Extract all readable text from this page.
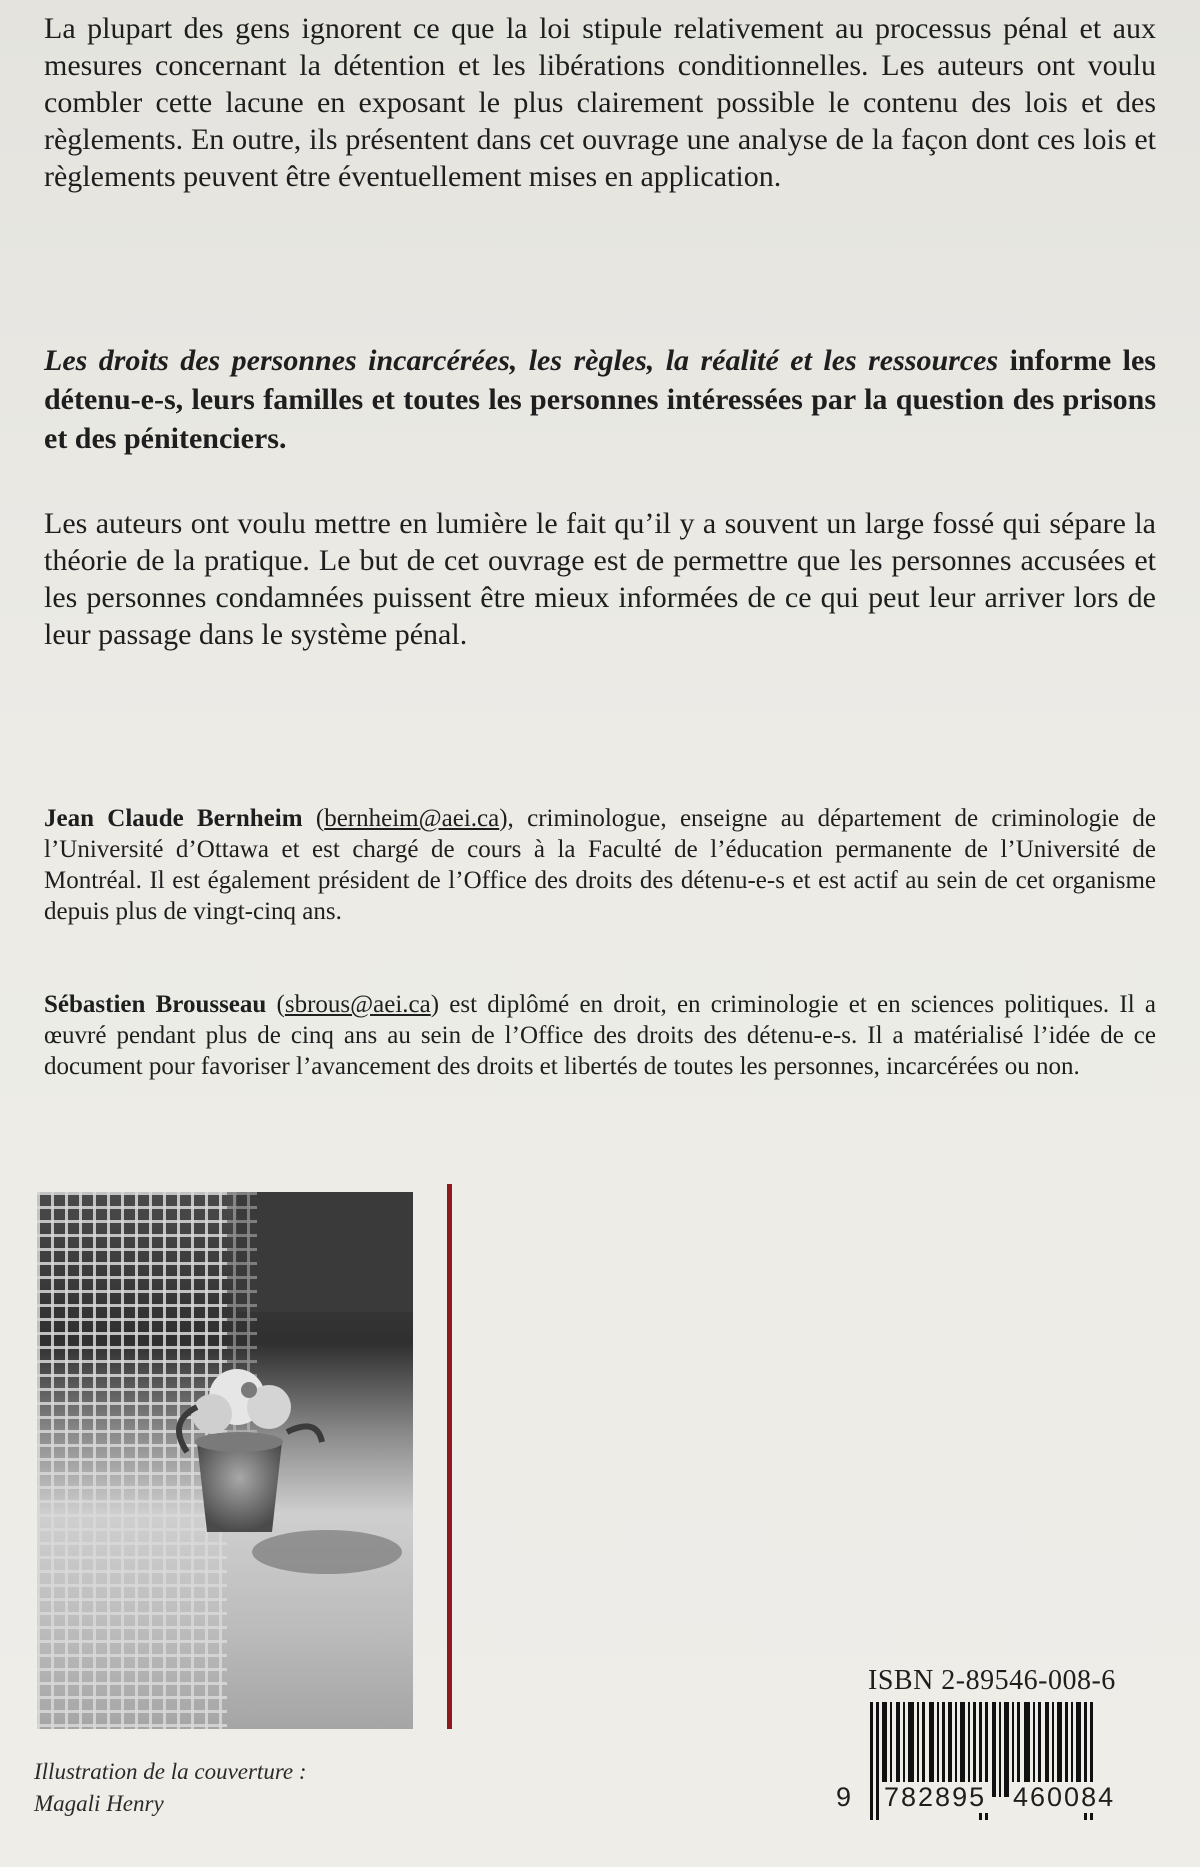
La plupart des gens ignorent ce que la loi stipule relativement au processus pénal et aux mesures concernant la détention et les libérations conditionnelles. Les auteurs ont voulu combler cette lacune en exposant le plus clairement possible le contenu des lois et des règlements. En outre, ils présentent dans cet ouvrage une analyse de la façon dont ces lois et règlements peuvent être éventuellement mises en application.

Les droits des personnes incarcérées, les règles, la réalité et les ressources informe les détenu-e-s, leurs familles et toutes les personnes intéressées par la question des prisons et des pénitenciers.

Les auteurs ont voulu mettre en lumière le fait qu’il y a souvent un large fossé qui sépare la théorie de la pratique. Le but de cet ouvrage est de permettre que les personnes accusées et les personnes condamnées puissent être mieux informées de ce qui peut leur arriver lors de leur passage dans le système pénal.

Jean Claude Bernheim (bernheim@aei.ca), criminologue, enseigne au département de criminologie de l’Université d’Ottawa et est chargé de cours à la Faculté de l’éducation permanente de l’Université de Montréal. Il est également président de l’Office des droits des détenu-e-s et est actif au sein de cet organisme depuis plus de vingt-cinq ans.

Sébastien Brousseau (sbrous@aei.ca) est diplômé en droit, en criminologie et en sciences politiques. Il a œuvré pendant plus de cinq ans au sein de l’Office des droits des détenu-e-s. Il a matérialisé l’idée de ce document pour favoriser l’avancement des droits et libertés de toutes les personnes, incarcérées ou non.

Illustration de la couverture :
Magali Henry
ISBN 2-89546-008-6
9 782895 460084
